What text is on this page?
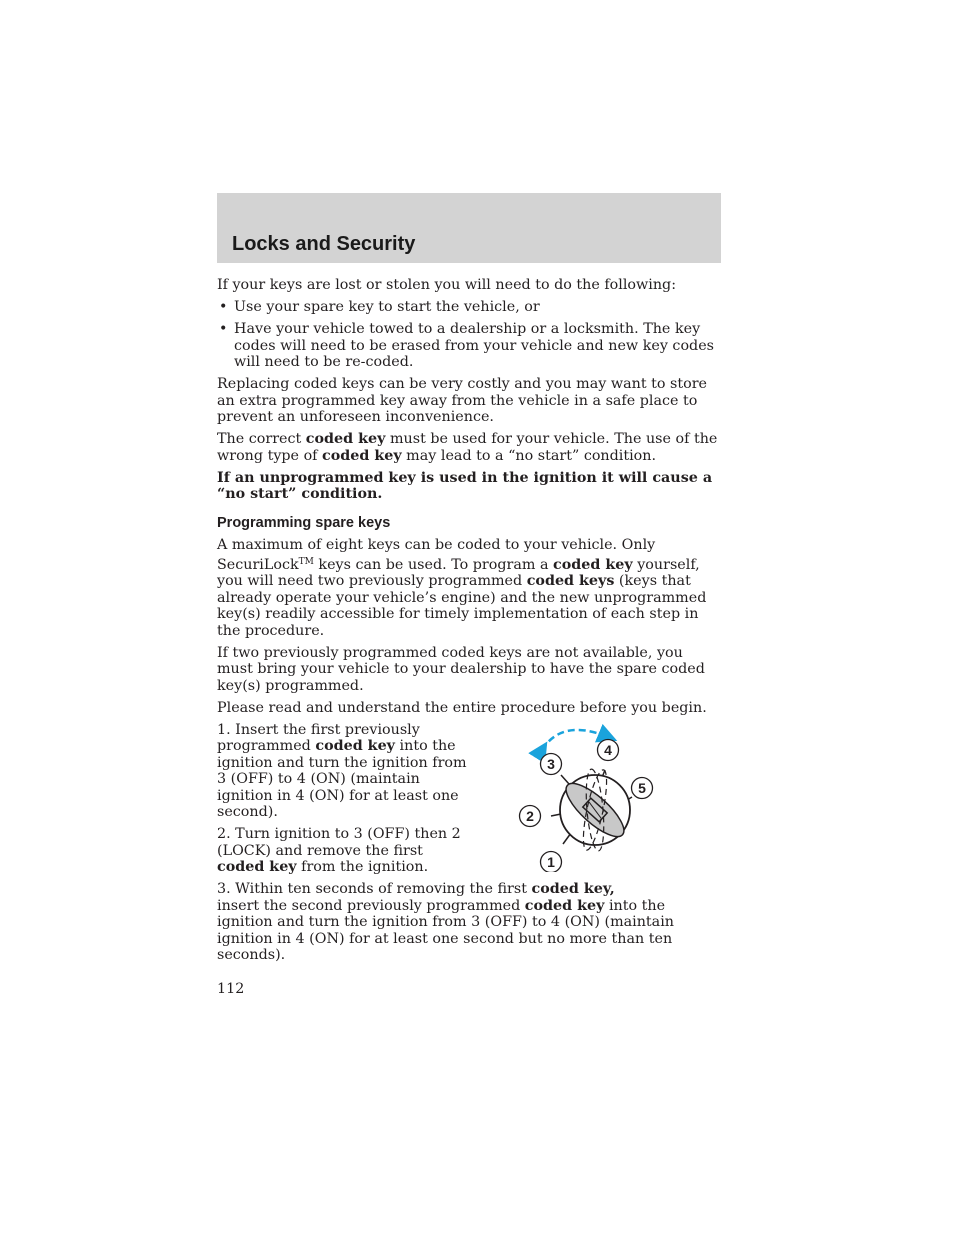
Locks and Security

If your keys are lost or stolen you will need to do the following:

• Use your spare key to start the vehicle, or
• Have your vehicle towed to a dealership or a locksmith. The key codes will need to be erased from your vehicle and new key codes will need to be re-coded.

Replacing coded keys can be very costly and you may want to store an extra programmed key away from the vehicle in a safe place to prevent an unforeseen inconvenience.

The correct coded key must be used for your vehicle. The use of the wrong type of coded key may lead to a “no start” condition.

If an unprogrammed key is used in the ignition it will cause a “no start” condition.

Programming spare keys

A maximum of eight keys can be coded to your vehicle. Only SecuriLock™ keys can be used. To program a coded key yourself, you will need two previously programmed coded keys (keys that already operate your vehicle’s engine) and the new unprogrammed key(s) readily accessible for timely implementation of each step in the procedure.

If two previously programmed coded keys are not available, you must bring your vehicle to your dealership to have the spare coded key(s) programmed.

Please read and understand the entire procedure before you begin.

1. Insert the first previously programmed coded key into the ignition and turn the ignition from 3 (OFF) to 4 (ON) (maintain ignition in 4 (ON) for at least one second).

2. Turn ignition to 3 (OFF) then 2 (LOCK) and remove the first coded key from the ignition.

3. Within ten seconds of removing the first coded key,
insert the second previously programmed coded key into the ignition and turn the ignition from 3 (OFF) to 4 (ON) (maintain ignition in 4 (ON) for at least one second but no more than ten seconds).

1
2
3
4
5
112
